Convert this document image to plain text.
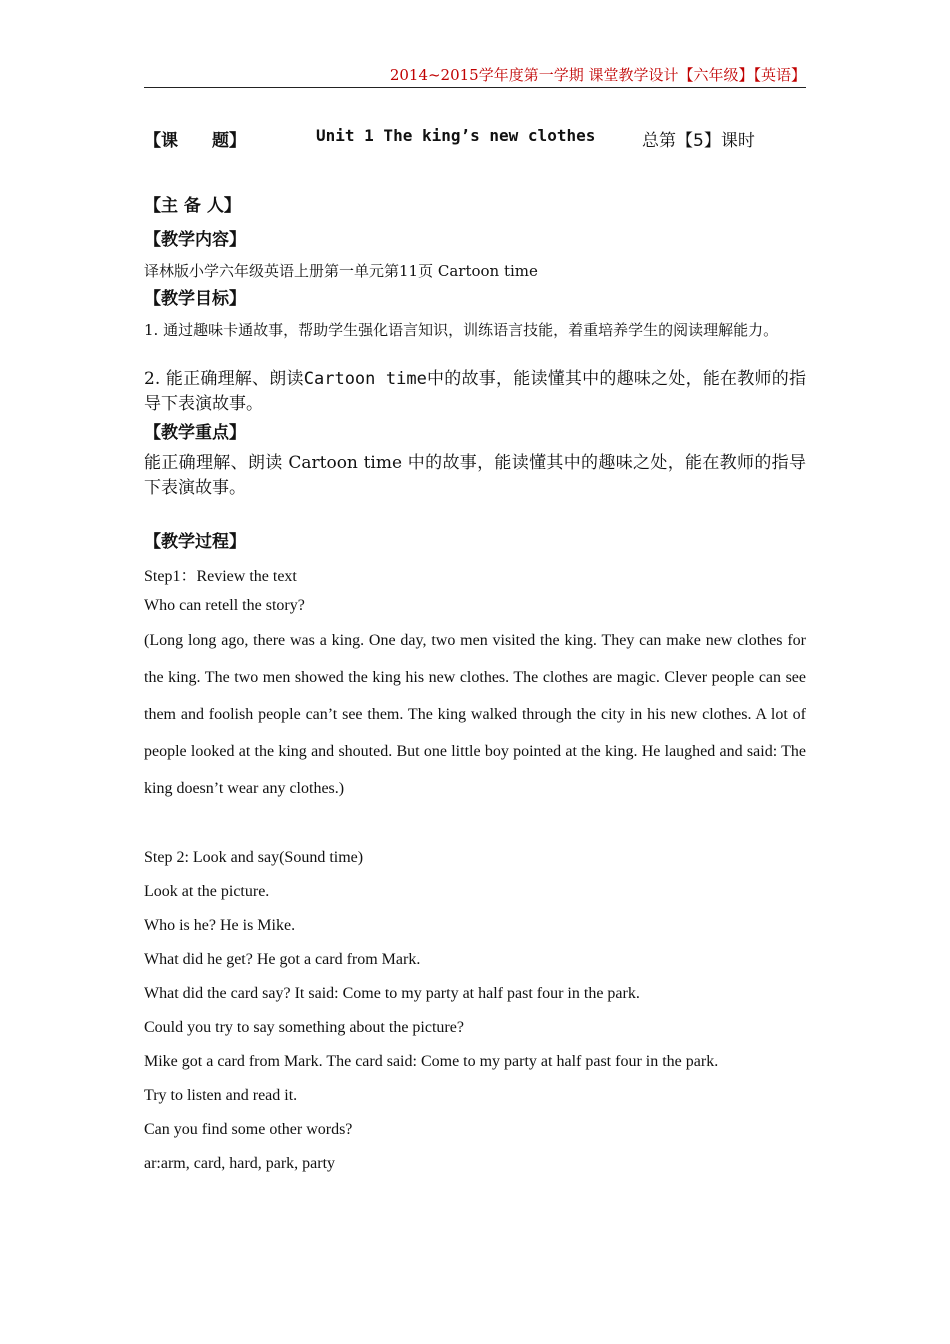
2014~2015学年度第一学期 课堂教学设计【六年级】【英语】
【课　　题】	Unit 1 The king’s new clothes	总第【5】课时
【主 备 人】
【教学内容】
译林版小学六年级英语上册第一单元第11页 Cartoon time
【教学目标】
1. 通过趣味卡通故事，帮助学生强化语言知识，训练语言技能，着重培养学生的阅读理解能力。
2. 能正确理解、朗读Cartoon time中的故事，能读懂其中的趣味之处，能在教师的指导下表演故事。
【教学重点】
能正确理解、朗读 Cartoon time 中的故事，能读懂其中的趣味之处，能在教师的指导下表演故事。
【教学过程】
Step1：Review the text
Who can retell the story?
(Long long ago, there was a king. One day, two men visited the king. They can make new clothes for the king. The two men showed the king his new clothes. The clothes are magic. Clever people can see them and foolish people can’t see them. The king walked through the city in his new clothes. A lot of people looked at the king and shouted. But one little boy pointed at the king. He laughed and said: The king doesn’t wear any clothes.)
Step 2: Look and say(Sound time)
Look at the picture.
Who is he? He is Mike.
What did he get? He got a card from Mark.
What did the card say? It said: Come to my party at half past four in the park.
Could you try to say something about the picture?
Mike got a card from Mark. The card said: Come to my party at half past four in the park.
Try to listen and read it.
Can you find some other words?
ar:arm, card, hard, park, party
